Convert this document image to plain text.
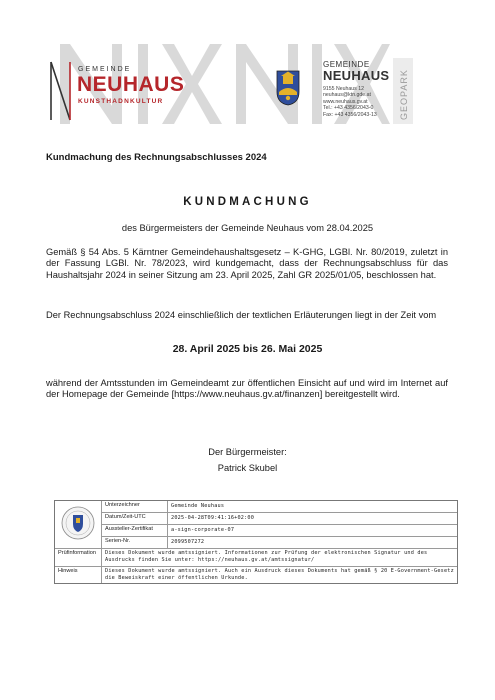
GEMEINDE
NEUHAUS
KUNSTHADNKULTUR
GEMEINDE
NEUHAUS
9155 Neuhaus 12
neuhaus@ktn.gde.at
www.neuhaus.gv.at
Tel.: +43 4356/2043-0
Fax: +43 4356/2043-13	GEOPARK
Kundmachung des Rechnungsabschlusses 2024
KUNDMACHUNG
des Bürgermeisters der Gemeinde Neuhaus vom 28.04.2025
Gemäß § 54 Abs. 5 Kärntner Gemeindehaushaltsgesetz – K-GHG, LGBl. Nr. 80/2019, zuletzt in der Fassung LGBl. Nr. 78/2023, wird kundgemacht, dass der Rechnungsabschluss für das Haushaltsjahr 2024 in seiner Sitzung am 23. April 2025, Zahl GR 2025/01/05, beschlossen hat.
Der Rechnungsabschluss 2024 einschließlich der textlichen Erläuterungen liegt in der Zeit vom
28. April 2025 bis 26. Mai 2025
während der Amtsstunden im Gemeindeamt zur öffentlichen Einsicht auf und wird im Internet auf der Homepage der Gemeinde [https://www.neuhaus.gv.at/finanzen] bereitgestellt wird.
Der Bürgermeister:
Patrick Skubel
Unterzeichner	Gemeinde Neuhaus
Datum/Zeit-UTC	2025-04-28T09:41:16+02:00
Aussteller-Zertifikat	a-sign-corporate-07
Serien-Nr.	2099507272
Prüfinformation	Dieses Dokument wurde amtssigniert. Informationen zur Prüfung der elektronischen Signatur und des Ausdrucks finden Sie unter: https://neuhaus.gv.at/amtssignatur/
Hinweis	Dieses Dokument wurde amtssigniert. Auch ein Ausdruck dieses Dokuments hat gemäß § 20 E-Government-Gesetz die Beweiskraft einer öffentlichen Urkunde.
